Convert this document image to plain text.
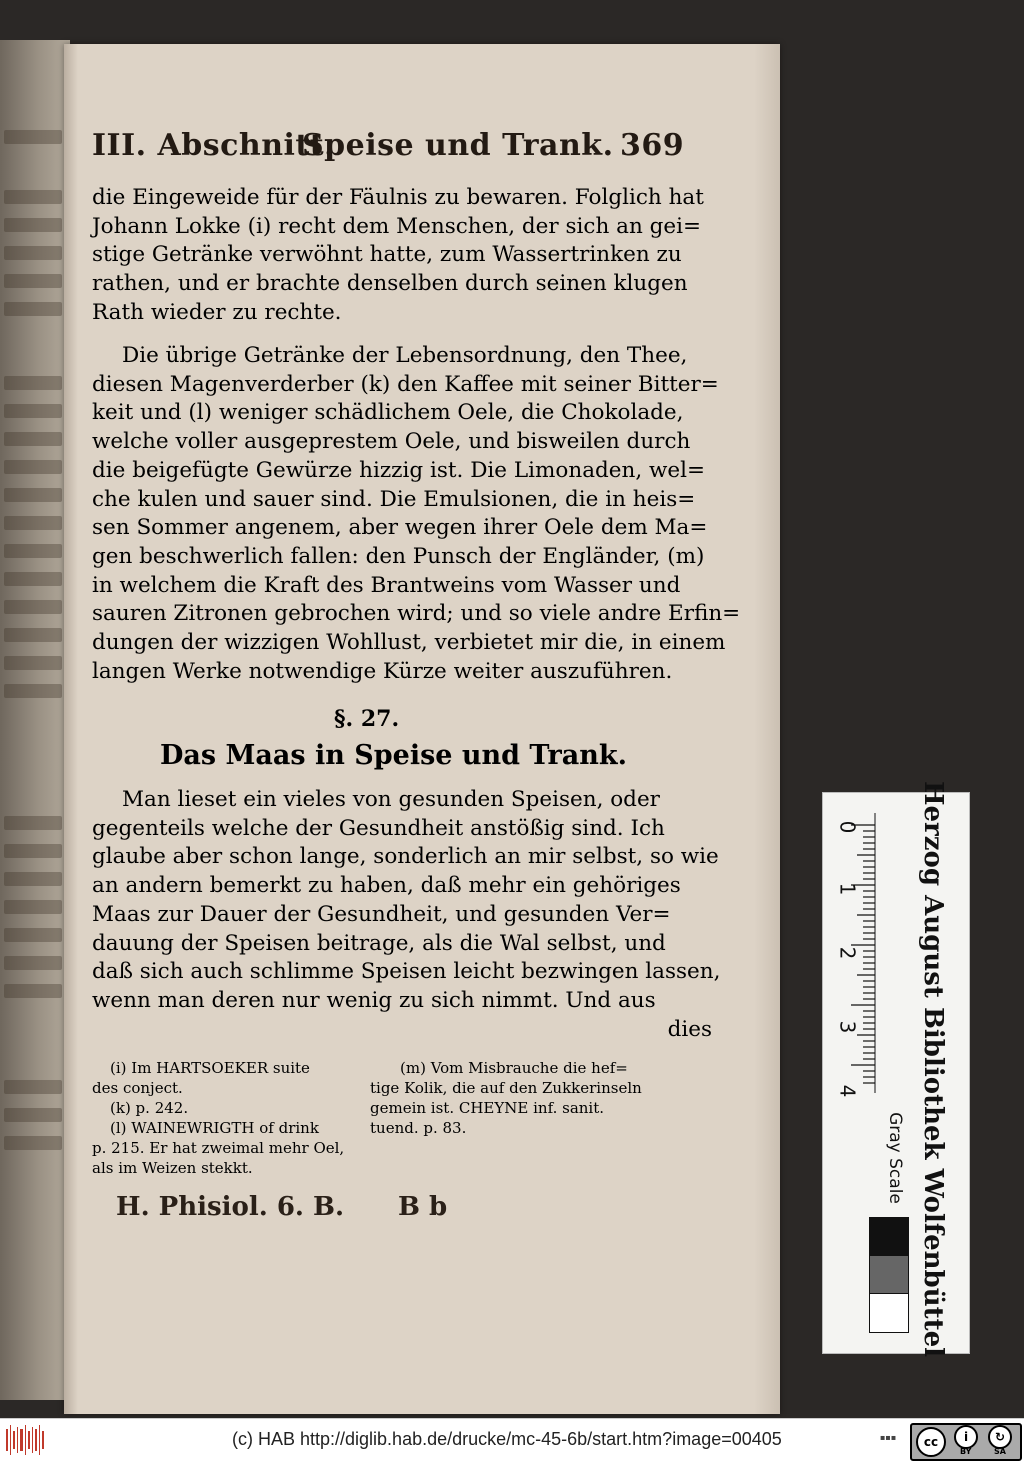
III. Abschnitt.
Speise und Trank. 369

die Eingeweide für der Fäulnis zu bewaren. Folglich hat
Johann Lokke (i) recht dem Menschen, der sich an gei=
stige Getränke verwöhnt hatte, zum Wassertrinken zu
rathen, und er brachte denselben durch seinen klugen
Rath wieder zu rechte.

Die übrige Getränke der Lebensordnung, den Thee,
diesen Magenverderber (k) den Kaffee mit seiner Bitter=
keit und (l) weniger schädlichem Oele, die Chokolade,
welche voller ausgeprestem Oele, und bisweilen durch
die beigefügte Gewürze hizzig ist. Die Limonaden, wel=
che kulen und sauer sind. Die Emulsionen, die in heis=
sen Sommer angenem, aber wegen ihrer Oele dem Ma=
gen beschwerlich fallen: den Punsch der Engländer, (m)
in welchem die Kraft des Brantweins vom Wasser und
sauren Zitronen gebrochen wird; und so viele andre Erfin=
dungen der wizzigen Wohllust, verbietet mir die, in einem
langen Werke notwendige Kürze weiter auszuführen.

§. 27.
Das Maas in Speise und Trank.

Man lieset ein vieles von gesunden Speisen, oder
gegenteils welche der Gesundheit anstößig sind. Ich
glaube aber schon lange, sonderlich an mir selbst, so wie
an andern bemerkt zu haben, daß mehr ein gehöriges
Maas zur Dauer der Gesundheit, und gesunden Ver=
dauung der Speisen beitrage, als die Wal selbst, und
daß sich auch schlimme Speisen leicht bezwingen lassen,
wenn man deren nur wenig zu sich nimmt. Und aus

dies
(i) Im HARTSOEKER suite
des conject.
(k) p. 242.
(l) WAINEWRIGTH of drink
p. 215. Er hat zweimal mehr Oel,
als im Weizen stekkt.
(m) Vom Misbrauche die hef=
tige Kolik, die auf den Zukkerinseln
gemein ist. CHEYNE inf. sanit.
tuend. p. 83.
H. Phisiol. 6. B. B b
0
1
2
3
4 Herzog August Bibliothek Wolfenbüttel
Gray Scale
(c) HAB http://diglib.hab.de/drucke/mc-45-6b/start.htm?image=00405	▪▪▪	cc	i	↻
BY	SA
